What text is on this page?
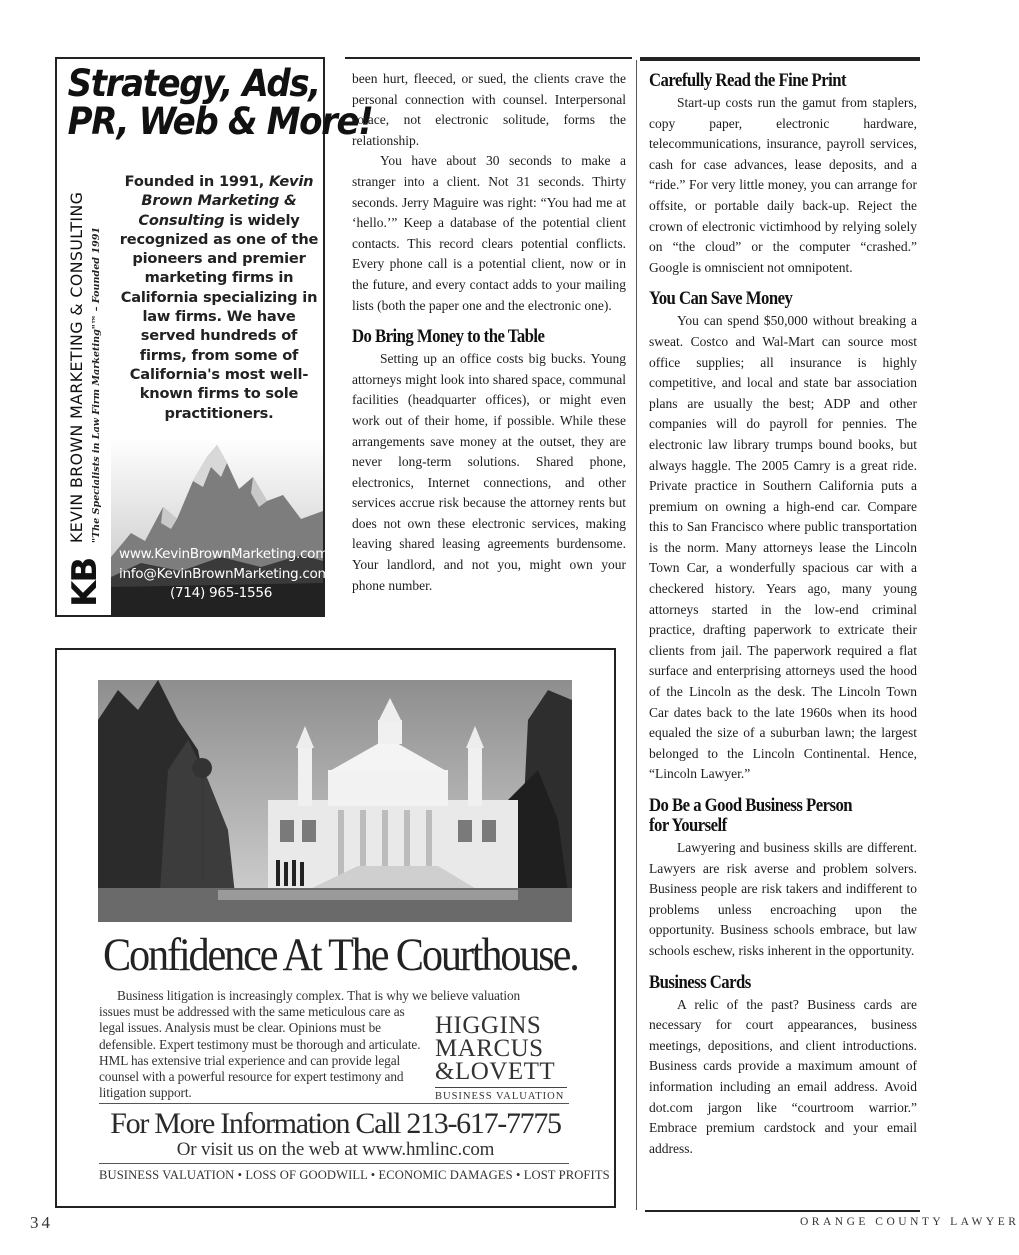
Strategy, Ads,
PR, Web & More!
Founded in 1991, Kevin Brown Marketing & Consulting is widely recognized as one of the pioneers and premier marketing firms in California specializing in law firms. We have served hundreds of firms, from some of California's most well-known firms to sole practitioners.
KB
KEVIN BROWN MARKETING & CONSULTING "The Specialists in Law Firm Marketing"™ – Founded 1991
www.KevinBrownMarketing.com
info@KevinBrownMarketing.com
(714) 965-1556

been hurt, fleeced, or sued, the clients crave the personal connection with counsel. Interpersonal solace, not electronic solitude, forms the relationship.

You have about 30 seconds to make a stranger into a client. Not 31 seconds. Thirty seconds. Jerry Maguire was right: “You had me at ‘hello.’” Keep a database of the potential client contacts. This record clears potential conflicts. Every phone call is a potential client, now or in the future, and every contact adds to your mailing lists (both the paper one and the electronic one).

Do Bring Money to the Table

Setting up an office costs big bucks. Young attorneys might look into shared space, communal facilities (headquarter offices), or might even work out of their home, if possible. While these arrangements save money at the outset, they are never long-term solutions. Shared phone, electronics, Internet connections, and other services accrue risk because the attorney rents but does not own these electronic services, making leaving shared leasing agreements burdensome. Your landlord, and not you, might own your phone number.

Carefully Read the Fine Print

Start-up costs run the gamut from staplers, copy paper, electronic hardware, telecommunications, insurance, payroll services, cash for case advances, lease deposits, and a “ride.” For very little money, you can arrange for offsite, or portable daily back-up. Reject the crown of electronic victimhood by relying solely on “the cloud” or the computer “crashed.” Google is omniscient not omnipotent.

You Can Save Money

You can spend $50,000 without breaking a sweat. Costco and Wal-Mart can source most office supplies; all insurance is highly competitive, and local and state bar association plans are usually the best; ADP and other companies will do payroll for pennies. The electronic law library trumps bound books, but always haggle. The 2005 Camry is a great ride. Private practice in Southern California puts a premium on owning a high-end car. Compare this to San Francisco where public transportation is the norm. Many attorneys lease the Lincoln Town Car, a wonderfully spacious car with a checkered history. Years ago, many young attorneys started in the low-end criminal practice, drafting paperwork to extricate their clients from jail. The paperwork required a flat surface and enterprising attorneys used the hood of the Lincoln as the desk. The Lincoln Town Car dates back to the late 1960s when its hood equaled the size of a suburban lawn; the largest belonged to the Lincoln Continental. Hence, “Lincoln Lawyer.”

Do Be a Good Business Person
for Yourself

Lawyering and business skills are different. Lawyers are risk averse and problem solvers. Business people are risk takers and indifferent to problems unless encroaching upon the opportunity. Business schools embrace, but law schools eschew, risks inherent in the opportunity.

Business Cards

A relic of the past? Business cards are necessary for court appearances, business meetings, depositions, and client introductions. Business cards provide a maximum amount of information including an email address. Avoid dot.com jargon like “courtroom warrior.” Embrace premium cardstock and your email address.

Confidence At The Courthouse.
Business litigation is increasingly complex. That is why we believe valuation
issues must be addressed with the same meticulous care as legal issues. Analysis must be clear. Opinions must be defensible. Expert testimony must be thorough and articulate. HML has extensive trial experience and can provide legal counsel with a powerful resource for expert testimony and litigation support.
HIGGINS
MARCUS
&LOVETT
BUSINESS VALUATION
For More Information Call 213-617-7775
Or visit us on the web at www.hmlinc.com
BUSINESS VALUATION • LOSS OF GOODWILL • ECONOMIC DAMAGES • LOST PROFITS
34	ORANGE COUNTY LAWYER
